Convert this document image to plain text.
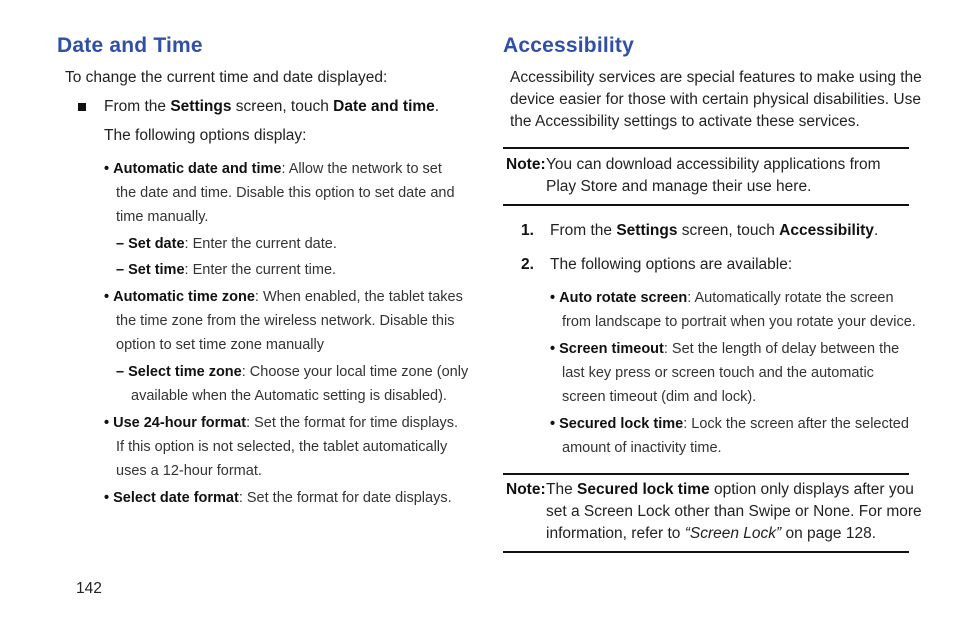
Date and Time
To change the current time and date displayed:
From the Settings screen, touch Date and time.
The following options display:
• Automatic date and time: Allow the network to set
the date and time. Disable this option to set date and
time manually.
– Set date: Enter the current date.
– Set time: Enter the current time.
• Automatic time zone: When enabled, the tablet takes
the time zone from the wireless network. Disable this
option to set time zone manually
– Select time zone: Choose your local time zone (only
available when the Automatic setting is disabled).
• Use 24-hour format: Set the format for time displays.
If this option is not selected, the tablet automatically
uses a 12-hour format.
• Select date format: Set the format for date displays.
142
Accessibility
Accessibility services are special features to make using the
device easier for those with certain physical disabilities. Use
the Accessibility settings to activate these services.
Note: You can download accessibility applications from
Play Store and manage their use here.
1. From the Settings screen, touch Accessibility.
2. The following options are available:
• Auto rotate screen: Automatically rotate the screen
from landscape to portrait when you rotate your device.
• Screen timeout: Set the length of delay between the
last key press or screen touch and the automatic
screen timeout (dim and lock).
• Secured lock time: Lock the screen after the selected
amount of inactivity time.
Note: The Secured lock time option only displays after you
set a Screen Lock other than Swipe or None. For more
information, refer to “Screen Lock” on page 128.
